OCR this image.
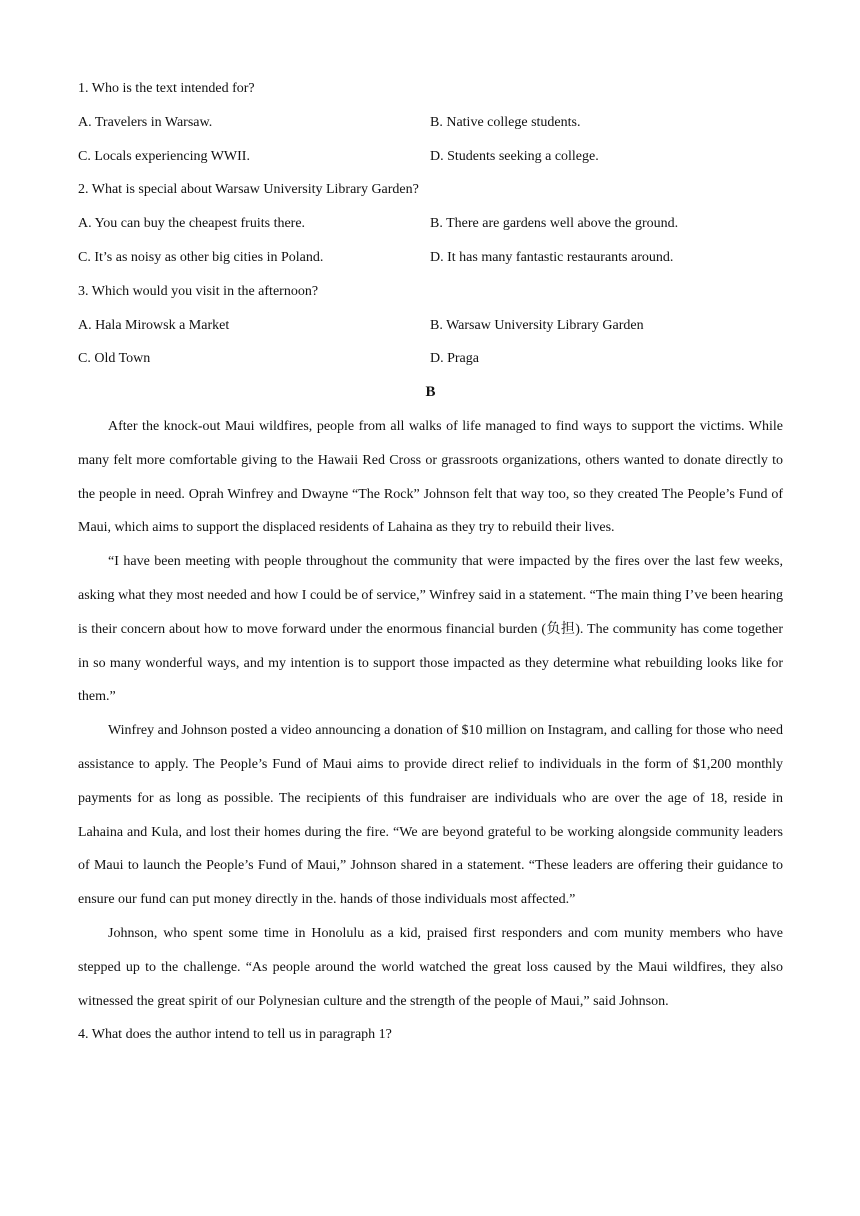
1. Who is the text intended for?
A. Travelers in Warsaw.	B. Native college students.
C. Locals experiencing WWII.	D. Students seeking a college.
2. What is special about Warsaw University Library Garden?
A. You can buy the cheapest fruits there.	B. There are gardens well above the ground.
C. It’s as noisy as other big cities in Poland.	D. It has many fantastic restaurants around.
3. Which would you visit in the afternoon?
A. Hala Mirowsk a Market	B. Warsaw University Library Garden
C. Old Town	D. Praga
B

After the knock-out Maui wildfires, people from all walks of life managed to find ways to support the victims. While many felt more comfortable giving to the Hawaii Red Cross or grassroots organizations, others wanted to donate directly to the people in need. Oprah Winfrey and Dwayne “The Rock” Johnson felt that way too, so they created The People’s Fund of Maui, which aims to support the displaced residents of Lahaina as they try to rebuild their lives.

“I have been meeting with people throughout the community that were impacted by the fires over the last few weeks, asking what they most needed and how I could be of service,” Winfrey said in a statement. “The main thing I’ve been hearing is their concern about how to move forward under the enormous financial burden (负担). The community has come together in so many wonderful ways, and my intention is to support those impacted as they determine what rebuilding looks like for them.”

Winfrey and Johnson posted a video announcing a donation of $10 million on Instagram, and calling for those who need assistance to apply. The People’s Fund of Maui aims to provide direct relief to individuals in the form of $1,200 monthly payments for as long as possible. The recipients of this fundraiser are individuals who are over the age of 18, reside in Lahaina and Kula, and lost their homes during the fire. “We are beyond grateful to be working alongside community leaders of Maui to launch the People’s Fund of Maui,” Johnson shared in a statement. “These leaders are offering their guidance to ensure our fund can put money directly in the. hands of those individuals most affected.”

Johnson, who spent some time in Honolulu as a kid, praised first responders and com munity members who have stepped up to the challenge. “As people around the world watched the great loss caused by the Maui wildfires, they also witnessed the great spirit of our Polynesian culture and the strength of the people of Maui,” said Johnson.

4. What does the author intend to tell us in paragraph 1?
